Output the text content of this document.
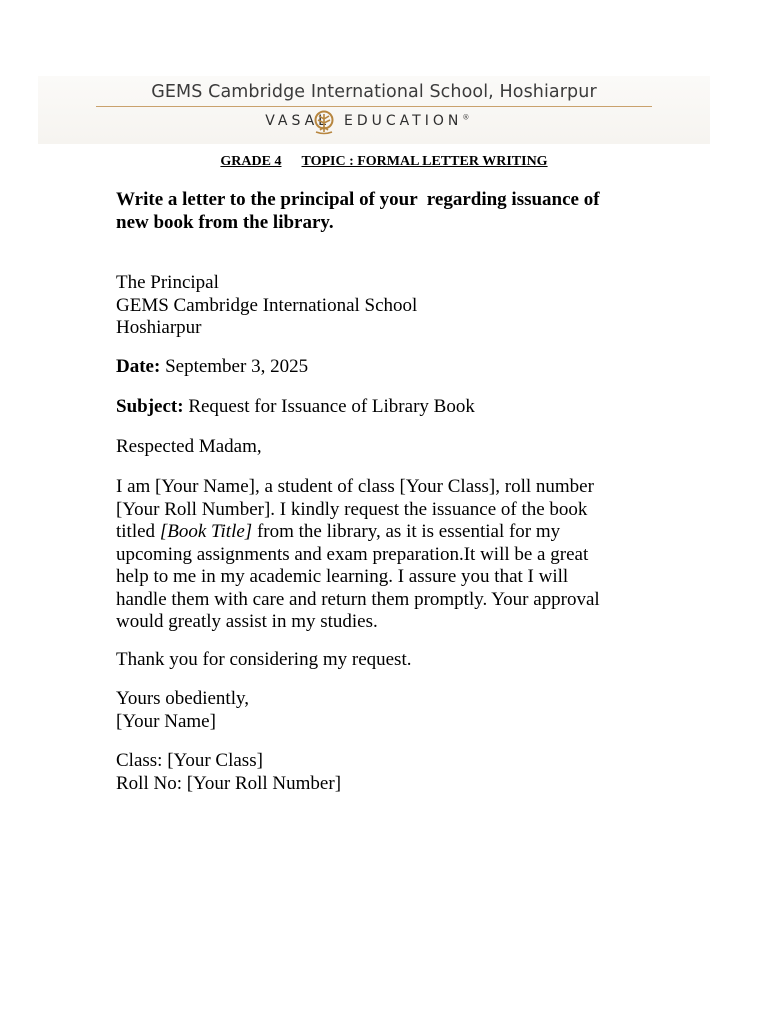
GEMS Cambridge International School, Hoshiarpur
VASAL EDUCATION®
GRADE 4 TOPIC : FORMAL LETTER WRITING
Write a letter to the principal of your  regarding issuance of
new book from the library.
The Principal
GEMS Cambridge International School
Hoshiarpur
Date: September 3, 2025
Subject: Request for Issuance of Library Book
Respected Madam,
I am [Your Name], a student of class [Your Class], roll number
[Your Roll Number]. I kindly request the issuance of the book
titled [Book Title] from the library, as it is essential for my
upcoming assignments and exam preparation.It will be a great
help to me in my academic learning. I assure you that I will
handle them with care and return them promptly. Your approval
would greatly assist in my studies.
Thank you for considering my request.
Yours obediently,
[Your Name]
Class: [Your Class]
Roll No: [Your Roll Number]
